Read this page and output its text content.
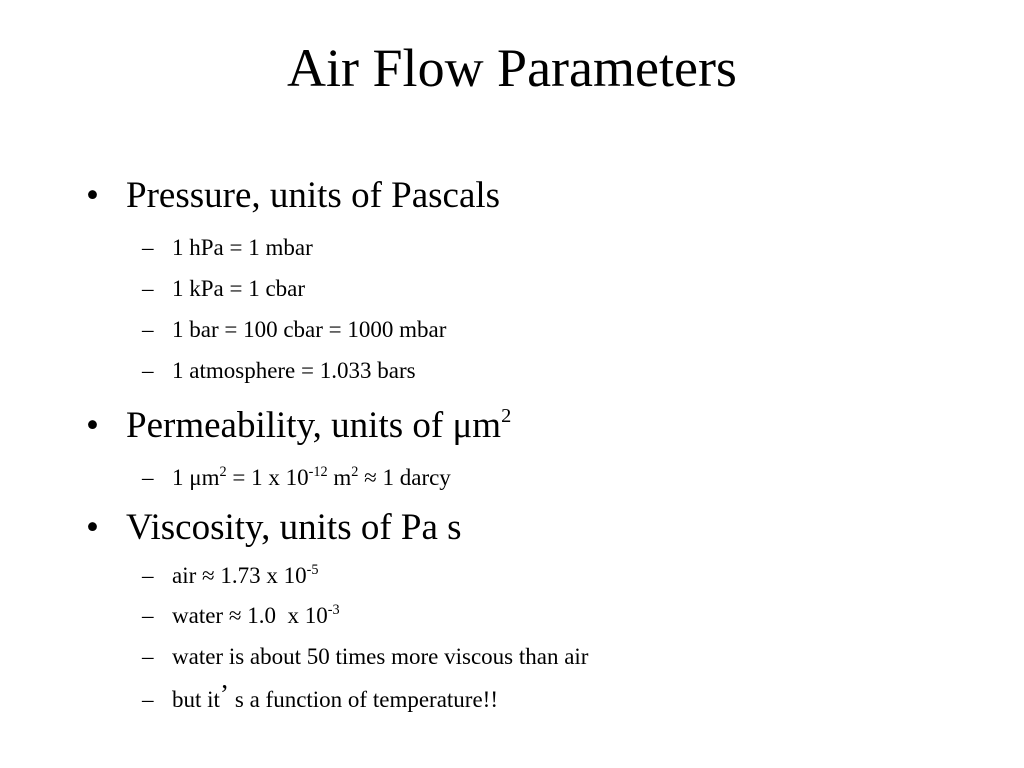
Air Flow Parameters
• Pressure, units of Pascals
– 1 hPa = 1 mbar
– 1 kPa = 1 cbar
– 1 bar = 100 cbar = 1000 mbar
– 1 atmosphere = 1.033 bars
• Permeability, units of $\mu m^2$
– 1 $\mu m^2 = 1$ x $10^{-12}$ $m^2 \approx 1$ darcy
• Viscosity, units of Pa s
– air ≈ 1.73 x $10^{-5}$
– water ≈ 1.0  x $10^{-3}$
– water is about 50 times more viscous than air
– but it’ s a function of temperature!!
